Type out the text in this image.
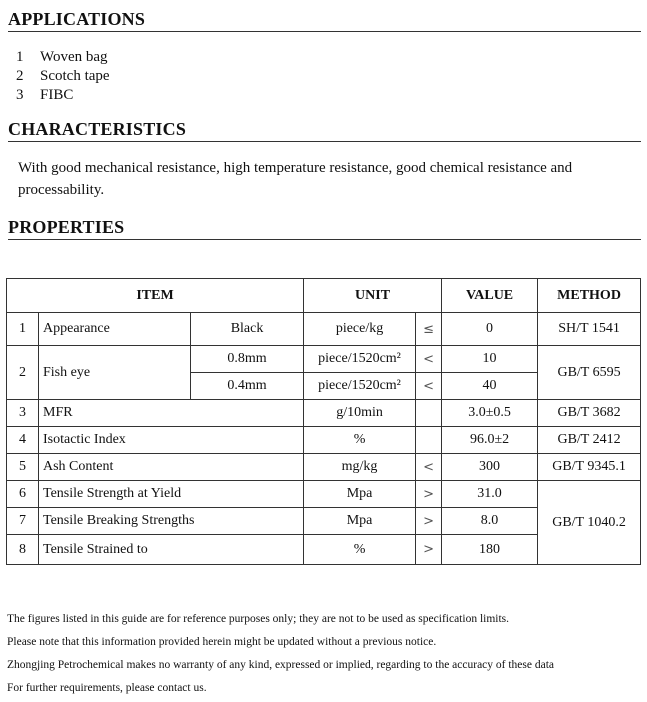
APPLICATIONS
1	Woven bag
2	Scotch tape
3	FIBC
CHARACTERISTICS
With good mechanical resistance, high temperature resistance, good chemical resistance and processability.
PROPERTIES
ITEM			UNIT		VALUE	METHOD
1	Appearance	Black	piece/kg	≤	0	SH/T 1541
2	Fish eye	0.8mm	piece/1520cm²	<	10	GB/T 6595
		0.4mm	piece/1520cm²	<	40	
3	MFR		g/10min		3.0±0.5	GB/T 3682
4	Isotactic Index		%		96.0±2	GB/T 2412
5	Ash Content		mg/kg	<	300	GB/T 9345.1
6	Tensile Strength at Yield		Mpa	>	31.0	GB/T 1040.2
7	Tensile Breaking Strengths		Mpa	>	8.0	
8	Tensile Strained to		%	>	180	
The figures listed in this guide are for reference purposes only; they are not to be used as specification limits.
Please note that this information provided herein might be updated without a previous notice.
Zhongjing Petrochemical makes no warranty of any kind, expressed or implied, regarding to the accuracy of these data
For further requirements, please contact us.
